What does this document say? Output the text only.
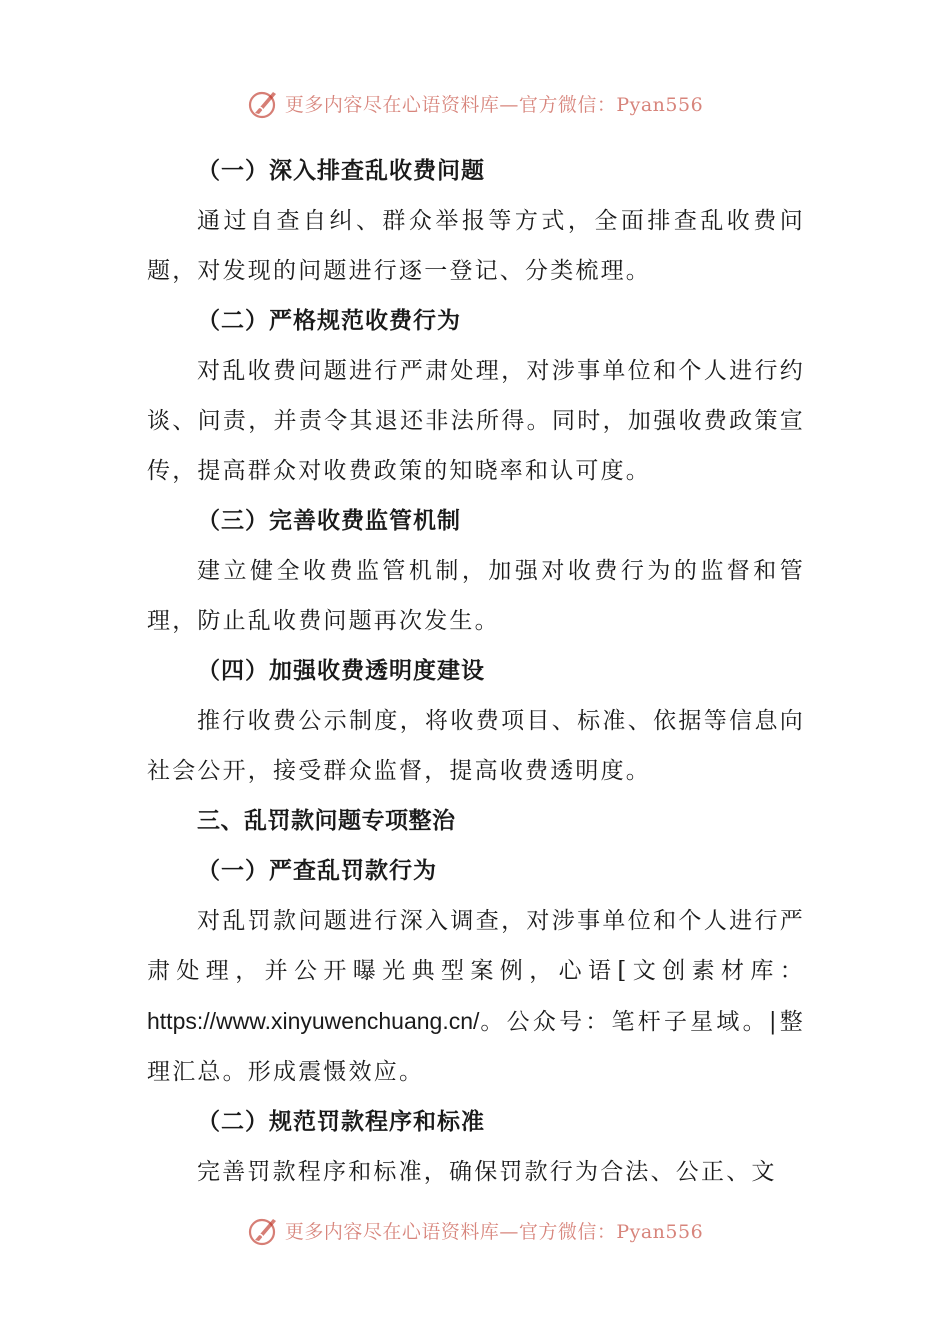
更多内容尽在心语资料库—官方微信：Pyan556

（一）深入排查乱收费问题

通过自查自纠、群众举报等方式，全面排查乱收费问题，对发现的问题进行逐一登记、分类梳理。

（二）严格规范收费行为

对乱收费问题进行严肃处理，对涉事单位和个人进行约谈、问责，并责令其退还非法所得。同时，加强收费政策宣传，提高群众对收费政策的知晓率和认可度。

（三）完善收费监管机制

建立健全收费监管机制，加强对收费行为的监督和管理，防止乱收费问题再次发生。

（四）加强收费透明度建设

推行收费公示制度，将收费项目、标准、依据等信息向社会公开，接受群众监督，提高收费透明度。

三、乱罚款问题专项整治

（一）严查乱罚款行为

对乱罚款问题进行深入调查，对涉事单位和个人进行严肃处理，并公开曝光典型案例，心语[文创素材库：https://www.xinyuwenchuang.cn/。公众号：笔杆子星域。|整理汇总。形成震慑效应。

（二）规范罚款程序和标准

完善罚款程序和标准，确保罚款行为合法、公正、文

更多内容尽在心语资料库—官方微信：Pyan556
